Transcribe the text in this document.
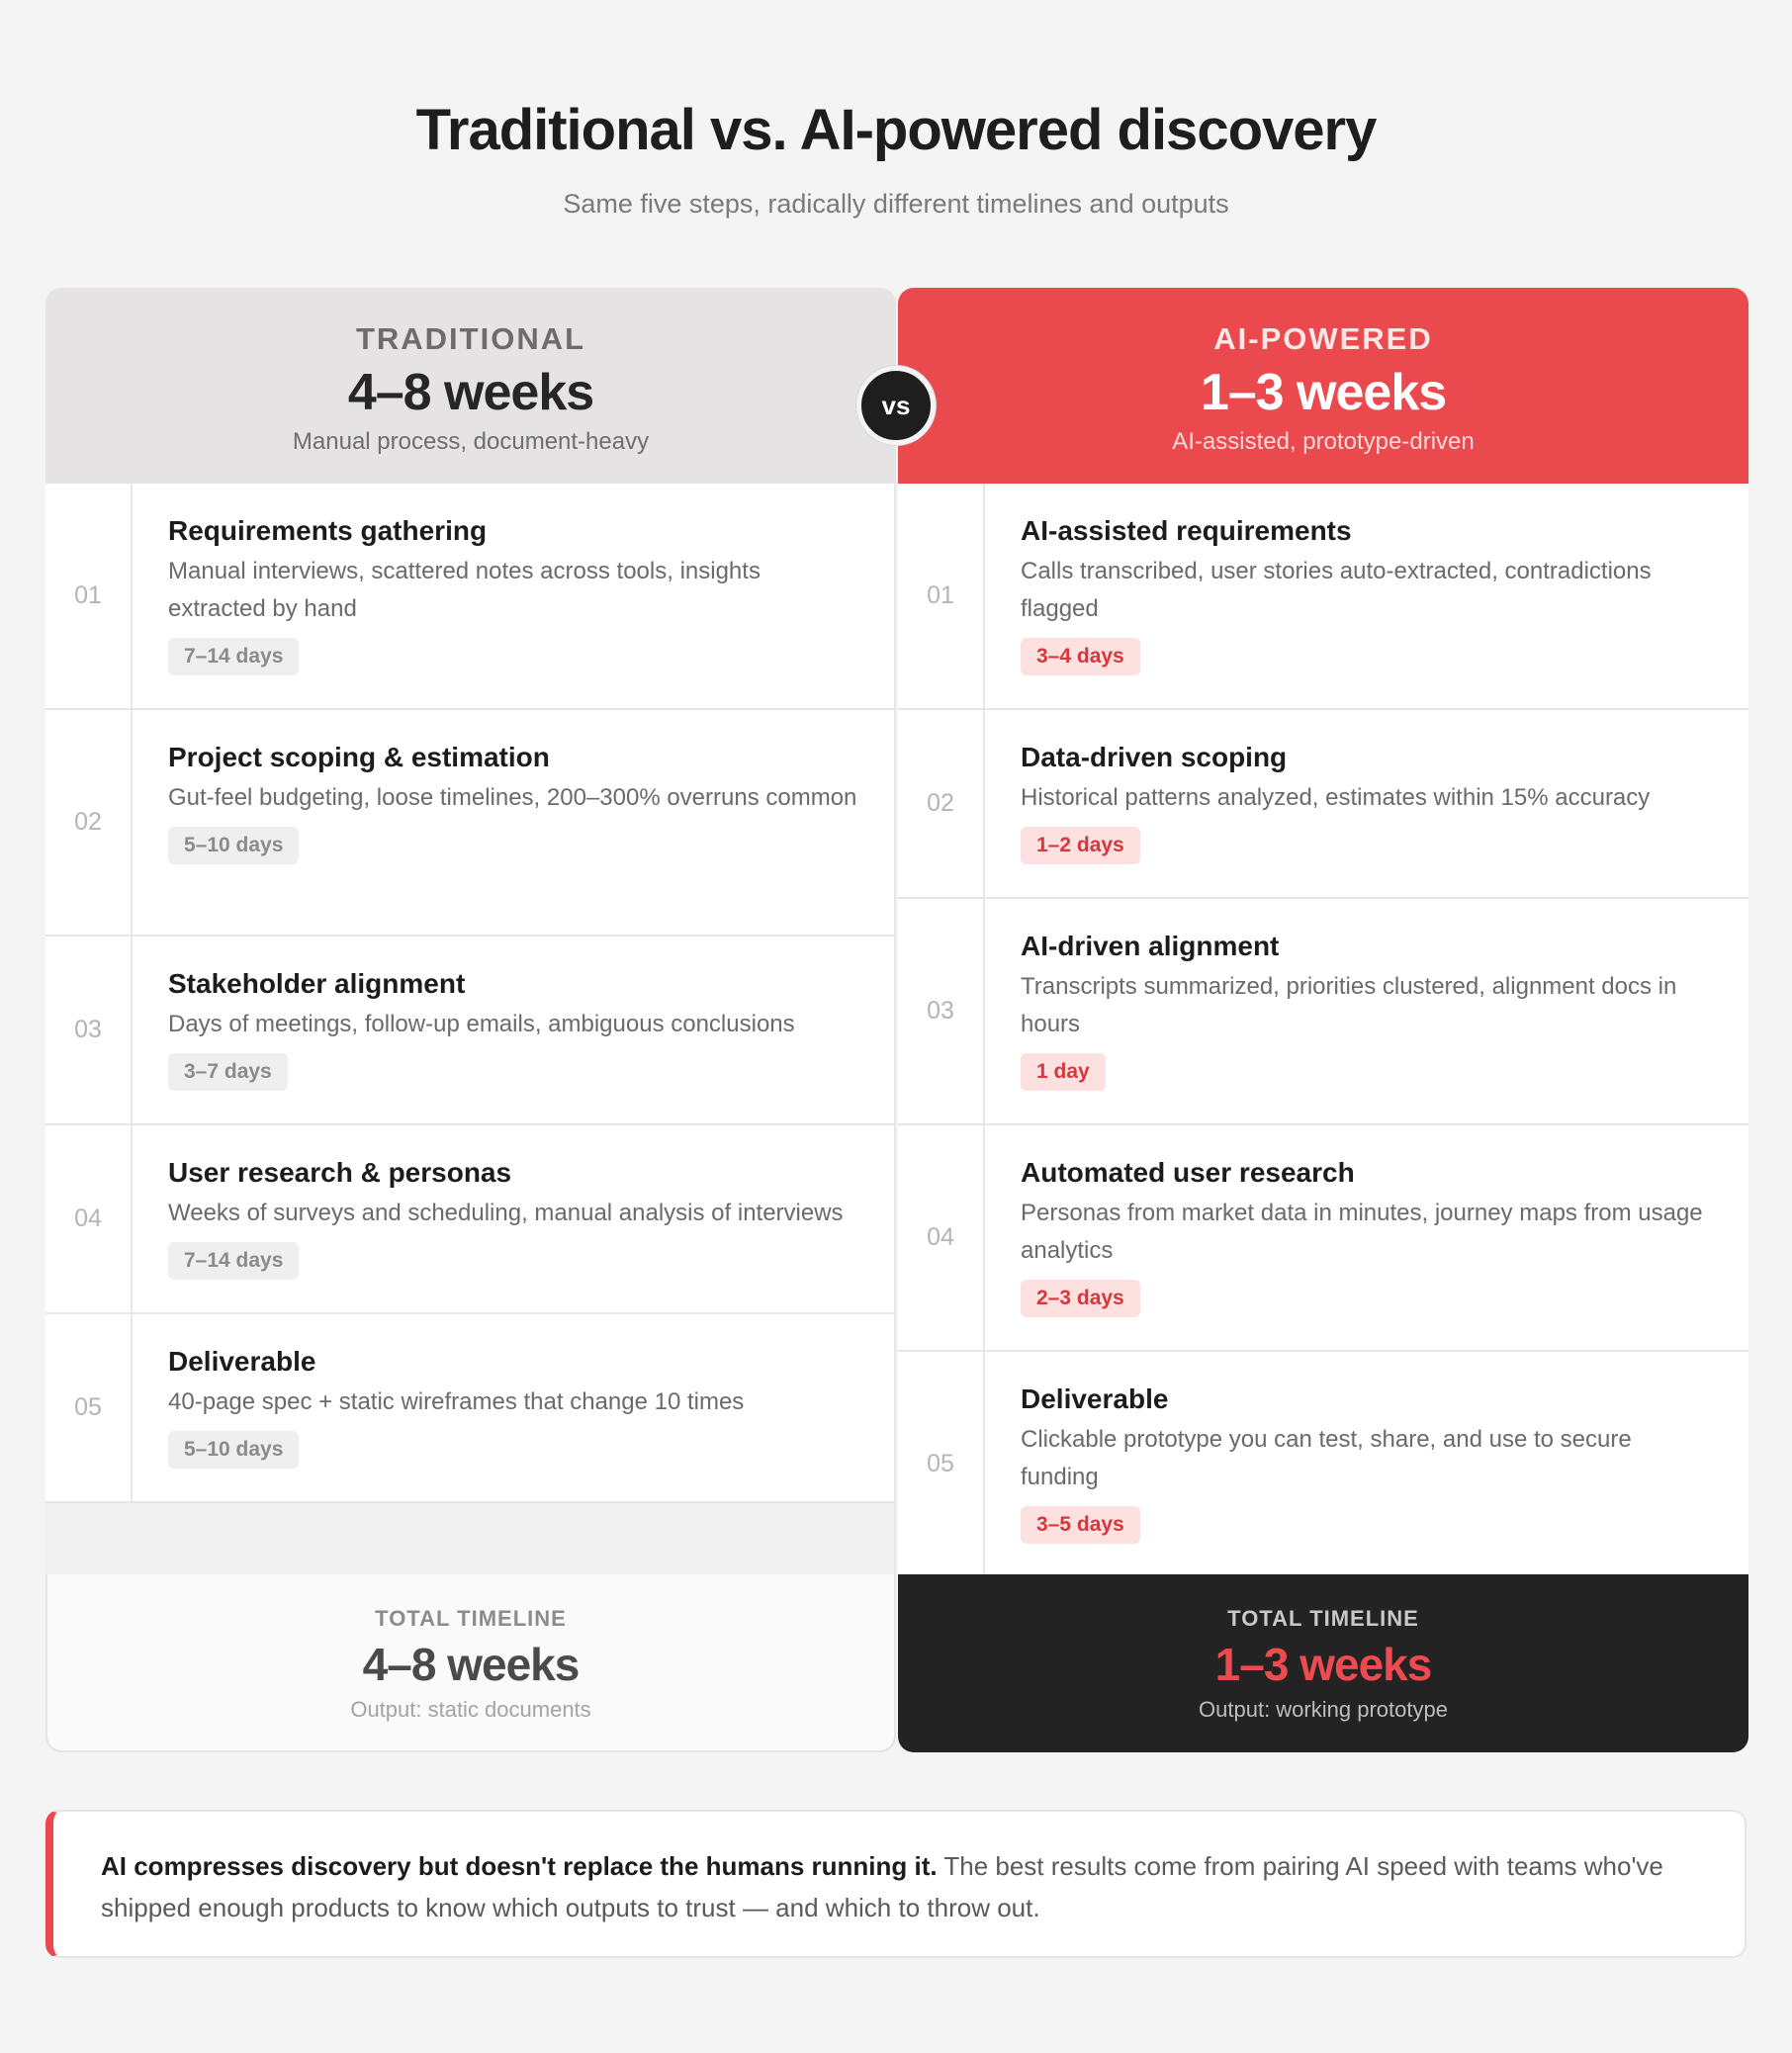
Traditional vs. AI-powered discovery
Same five steps, radically different timelines and outputs
TRADITIONAL
4–8 weeks
Manual process, document-heavy
01
Requirements gathering
Manual interviews, scattered notes across tools, insights extracted by hand
7–14 days
02
Project scoping & estimation
Gut-feel budgeting, loose timelines, 200–300% overruns common
5–10 days
03
Stakeholder alignment
Days of meetings, follow-up emails, ambiguous conclusions
3–7 days
04
User research & personas
Weeks of surveys and scheduling, manual analysis of interviews
7–14 days
05
Deliverable
40-page spec + static wireframes that change 10 times
5–10 days
AI-POWERED
1–3 weeks
AI-assisted, prototype-driven
01
AI-assisted requirements
Calls transcribed, user stories auto-extracted, contradictions flagged
3–4 days
02
Data-driven scoping
Historical patterns analyzed, estimates within 15% accuracy
1–2 days
03
AI-driven alignment
Transcripts summarized, priorities clustered, alignment docs in hours
1 day
04
Automated user research
Personas from market data in minutes, journey maps from usage analytics
2–3 days
05
Deliverable
Clickable prototype you can test, share, and use to secure funding
3–5 days
TOTAL TIMELINE
4–8 weeks
Output: static documents
TOTAL TIMELINE
1–3 weeks
Output: working prototype
vs
AI compresses discovery but doesn't replace the humans running it. The best results come from pairing AI speed with teams who've shipped enough products to know which outputs to trust — and which to throw out.
